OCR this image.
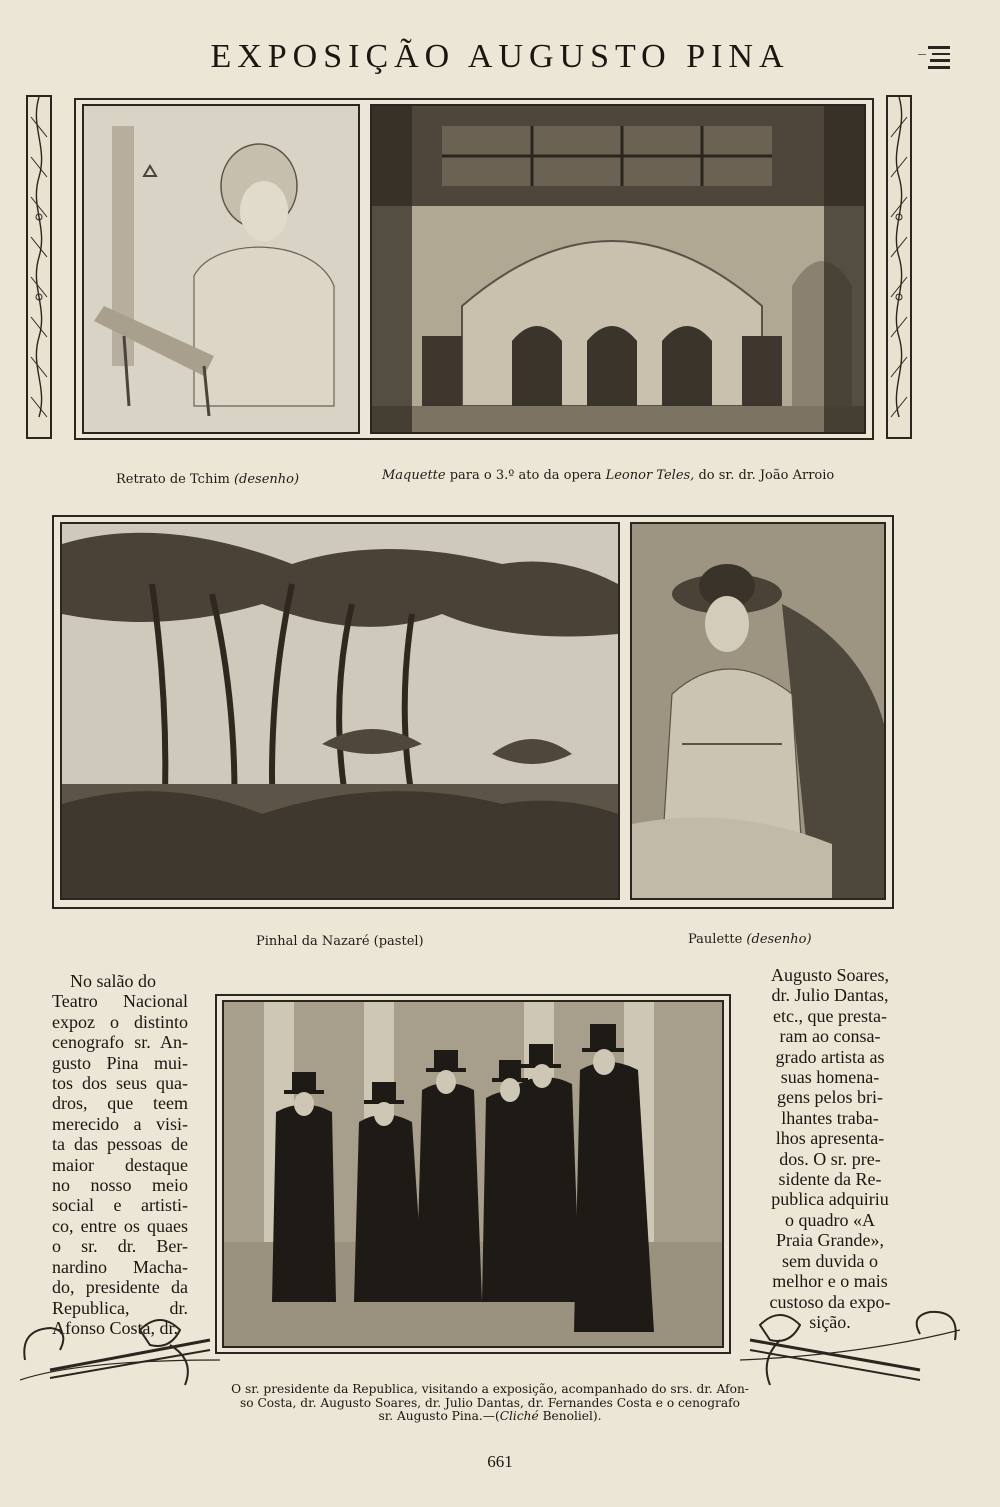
EXPOSIÇÃO AUGUSTO PINA
Retrato de Tchim (desenho)	Maquette para o 3.º ato da opera Leonor Teles, do sr. dr. João Arroio
Pinhal da Nazaré (pastel)	Paulette (desenho)
No salão do
Teatro Nacional
expoz o distinto
cenografo sr. An-
gusto Pina mui-
tos dos seus qua-
dros, que teem
merecido a visi-
ta das pessoas de
maior destaque
no nosso meio
social e artisti-
co, entre os quaes
o sr. dr. Ber-
nardino Macha-
do, presidente da
Republica, dr.
Afonso Costa, dr.
Augusto Soares,
dr. Julio Dantas,
etc., que presta-
ram ao consa-
grado artista as
suas homena-
gens pelos bri-
lhantes traba-
lhos apresenta-
dos. O sr. pre-
sidente da Re-
publica adquiriu
o quadro «A
Praia Grande»,
sem duvida o
melhor e o mais
custoso da expo-
sição.
O sr. presidente da Republica, visitando a exposição, acompanhado do srs. dr. Afon-
so Costa, dr. Augusto Soares, dr. Julio Dantas, dr. Fernandes Costa e o cenografo
sr. Augusto Pina.—(Cliché Benoliel).
661
